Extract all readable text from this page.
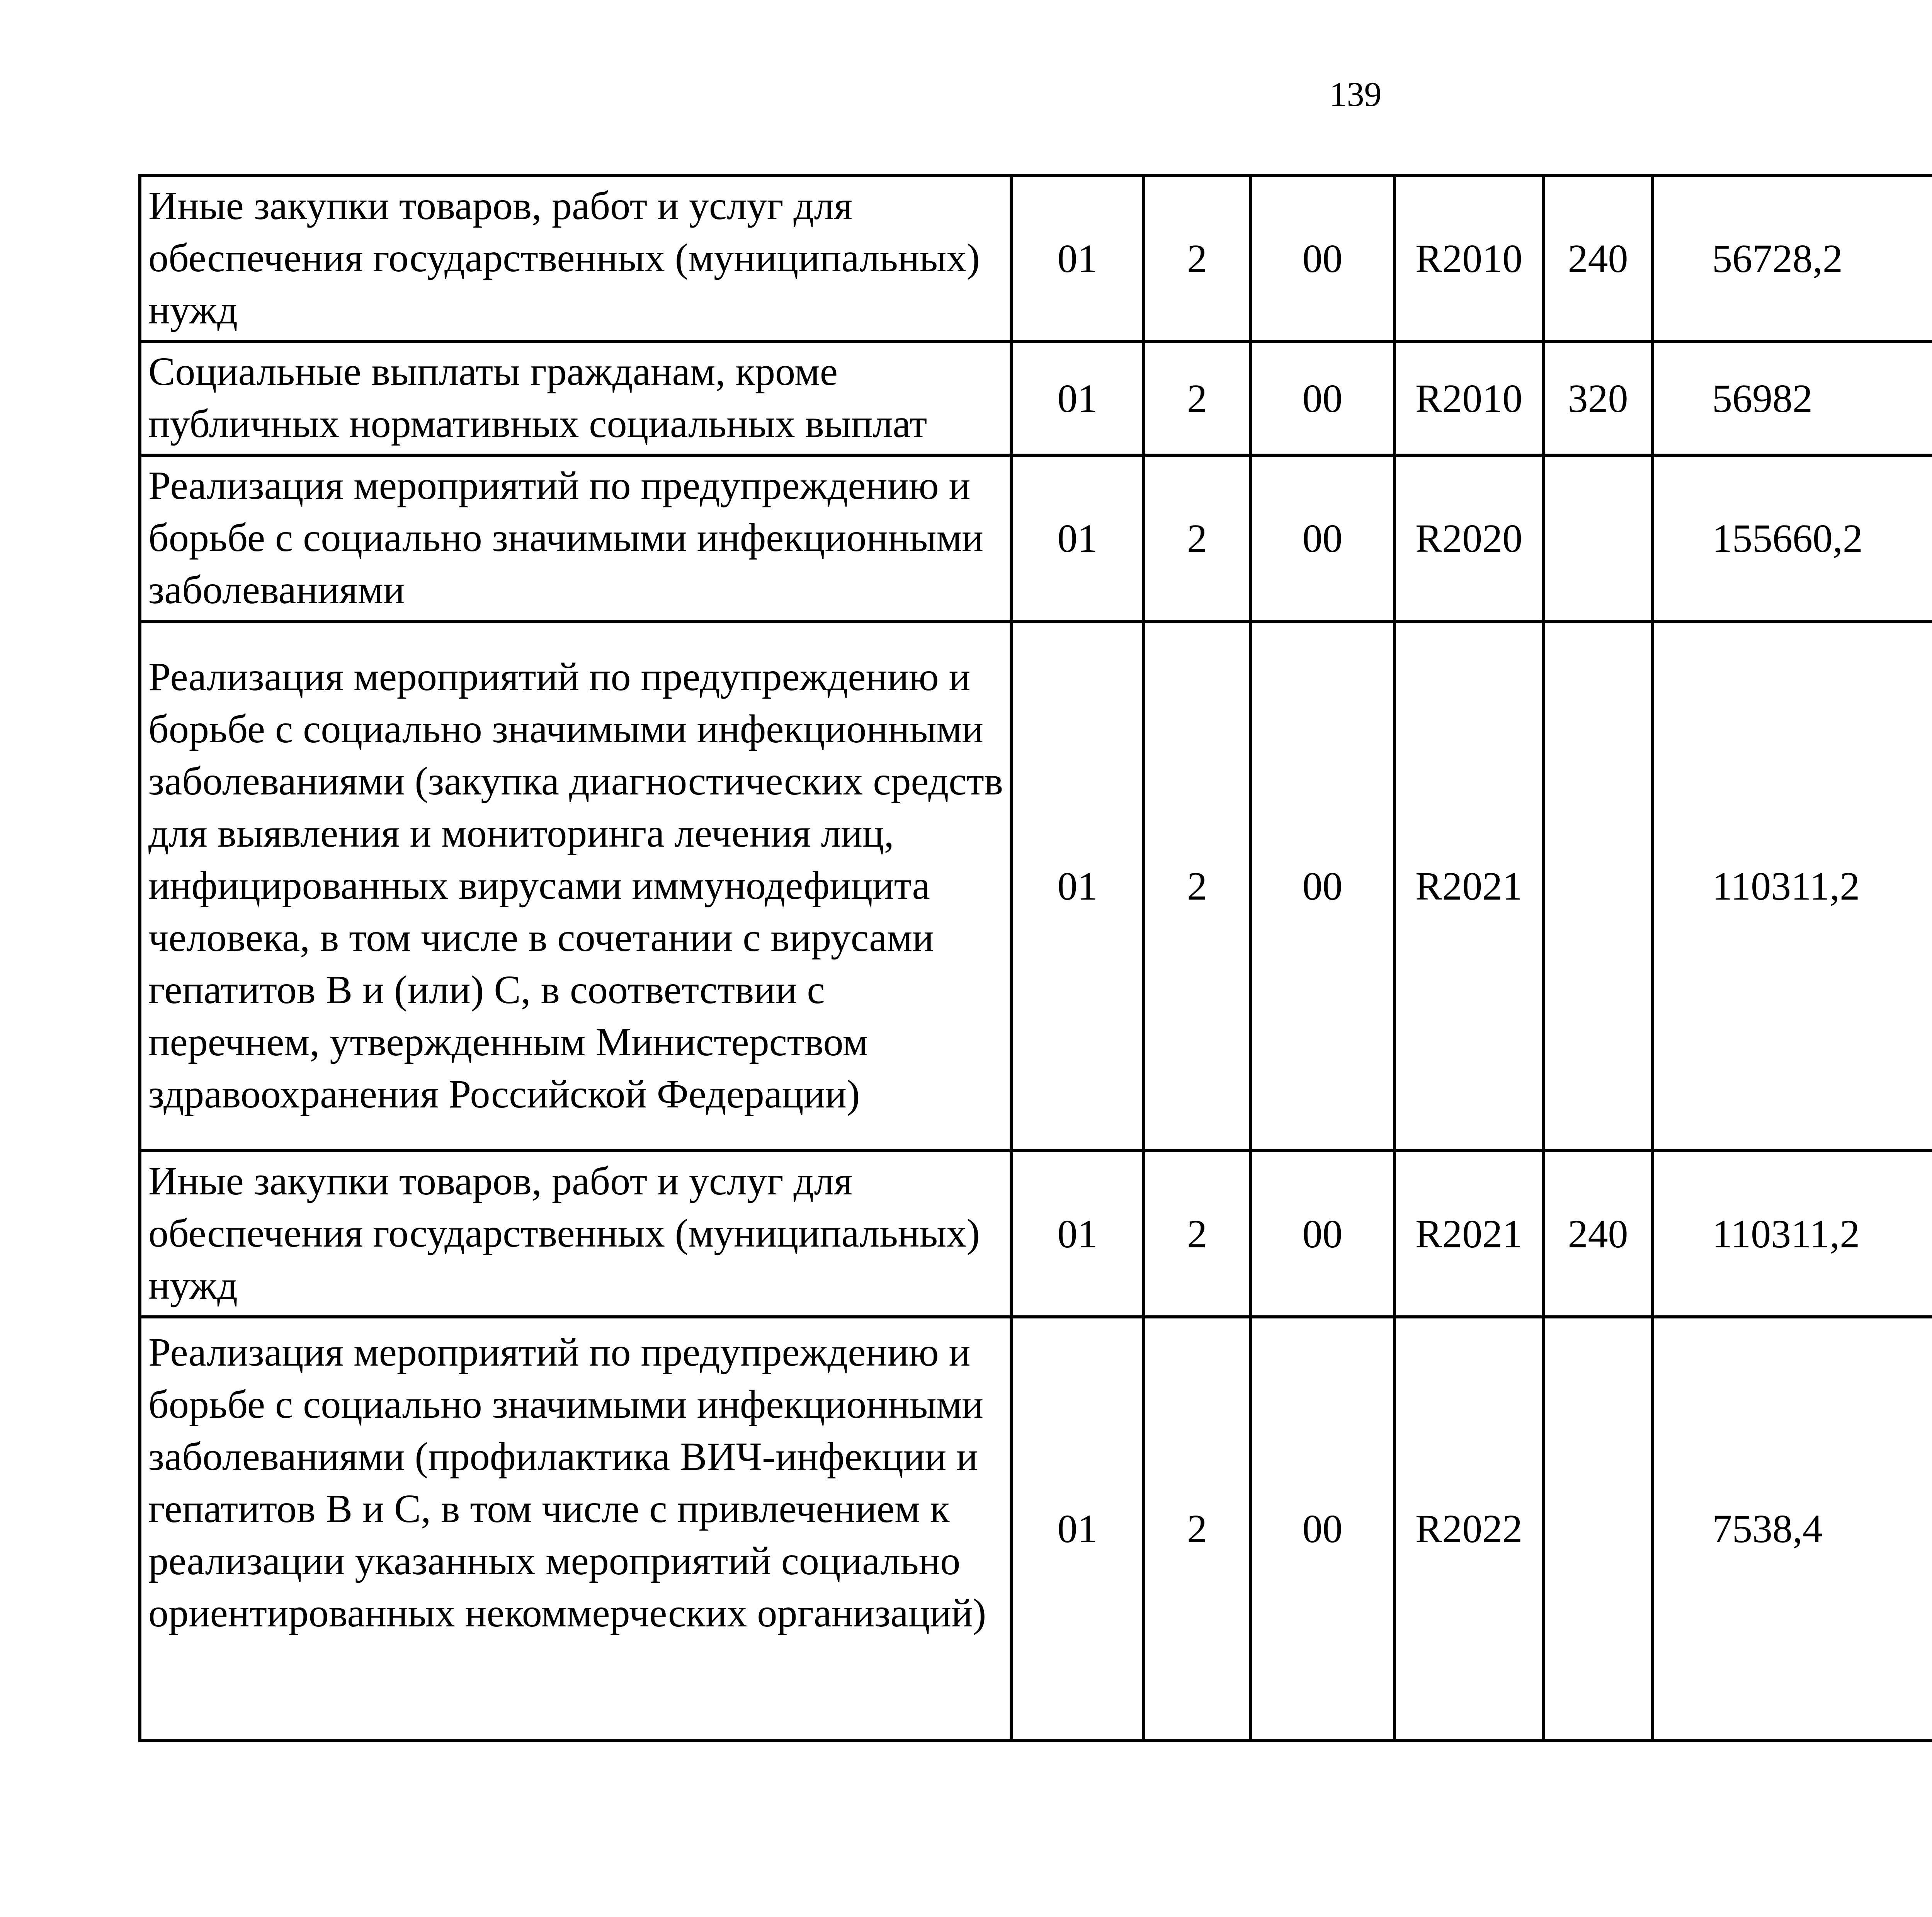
139
Иные закупки товаров, работ и услуг для обеспечения государственных (муниципальных) нужд	01	2	00	R2010	240	56728,2		
Социальные выплаты гражданам, кроме публичных нормативных социальных выплат	01	2	00	R2010	320	56982		
Реализация мероприятий по предупреждению и борьбе с социально значимыми инфекционными заболеваниями	01	2	00	R2020		155660,2		
Реализация мероприятий по предупреждению и борьбе с социально значимыми инфекционными заболеваниями (закупка диагностических средств для выявления и мониторинга лечения лиц, инфицированных вирусами иммунодефицита человека, в том числе в сочетании с вирусами гепатитов В и (или) С, в соответствии с перечнем, утвержденным Министерством здравоохранения Российской Федерации)	01	2	00	R2021		110311,2		
Иные закупки товаров, работ и услуг для обеспечения государственных (муниципальных) нужд	01	2	00	R2021	240	110311,2		
Реализация мероприятий по предупреждению и борьбе с социально значимыми инфекционными заболеваниями (профилактика ВИЧ-инфекции и гепатитов В и С, в том числе с привлечением к реализации указанных мероприятий социально ориентированных некоммерческих организаций)	01	2	00	R2022		7538,4		
